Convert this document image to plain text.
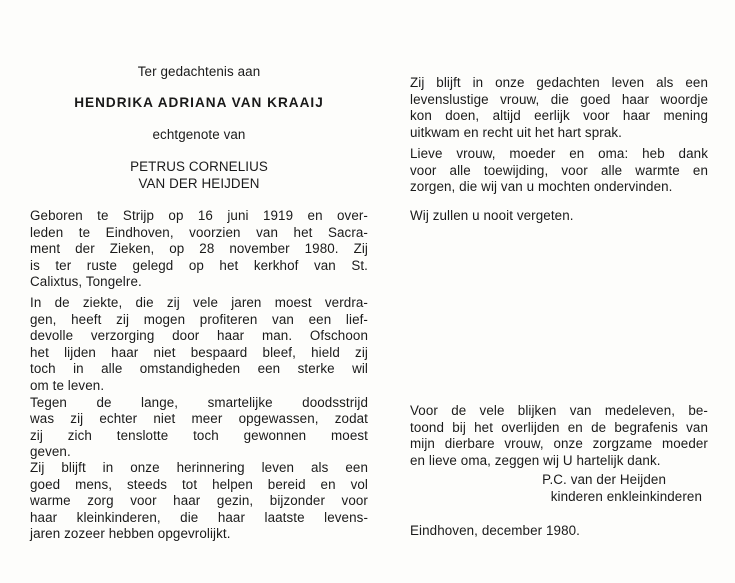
Ter gedachtenis aan
HENDRIKA ADRIANA VAN KRAAIJ
echtgenote van
PETRUS CORNELIUS
VAN DER HEIJDEN
Geboren te Strijp op 16 juni 1919 en over-
leden te Eindhoven, voorzien van het Sacra-
ment der Zieken, op 28 november 1980. Zij
is ter ruste gelegd op het kerkhof van St.
Calixtus, Tongelre.
In de ziekte, die zij vele jaren moest verdra-
gen, heeft zij mogen profiteren van een lief-
devolle verzorging door haar man. Ofschoon
het lijden haar niet bespaard bleef, hield zij
toch in alle omstandigheden een sterke wil
om te leven.
Tegen de lange, smartelijke doodsstrijd
was zij echter niet meer opgewassen, zodat
zij zich tenslotte toch gewonnen moest
geven.
Zij blijft in onze herinnering leven als een
goed mens, steeds tot helpen bereid en vol
warme zorg voor haar gezin, bijzonder voor
haar kleinkinderen, die haar laatste levens-
jaren zozeer hebben opgevrolijkt.
Zij blijft in onze gedachten leven als een
levenslustige vrouw, die goed haar woordje
kon doen, altijd eerlijk voor haar mening
uitkwam en recht uit het hart sprak.
Lieve vrouw, moeder en oma: heb dank
voor alle toewijding, voor alle warmte en
zorgen, die wij van u mochten ondervinden.
Wij zullen u nooit vergeten.
Voor de vele blijken van medeleven, be-
toond bij het overlijden en de begrafenis van
mijn dierbare vrouw, onze zorgzame moeder
en lieve oma, zeggen wij U hartelijk dank.
P.C. van der Heijden
kinderen enkleinkinderen
Eindhoven, december 1980.
